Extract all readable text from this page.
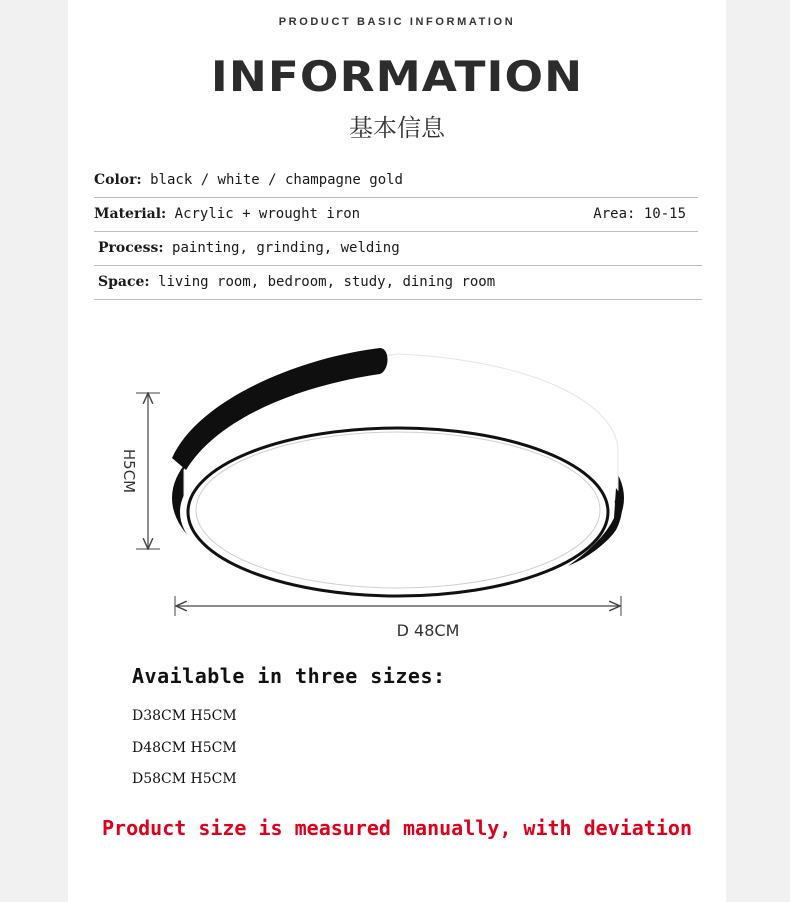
PRODUCT BASIC INFORMATION
INFORMATION
基本信息
Color: black / white / champagne gold
Material: Acrylic + wrought iron	Area: 10-15
Process: painting, grinding, welding
Space: living room, bedroom, study, dining room
H5CM
D 48CM
Available in three sizes:
D38CM H5CM
D48CM H5CM
D58CM H5CM
Product size is measured manually, with deviation
